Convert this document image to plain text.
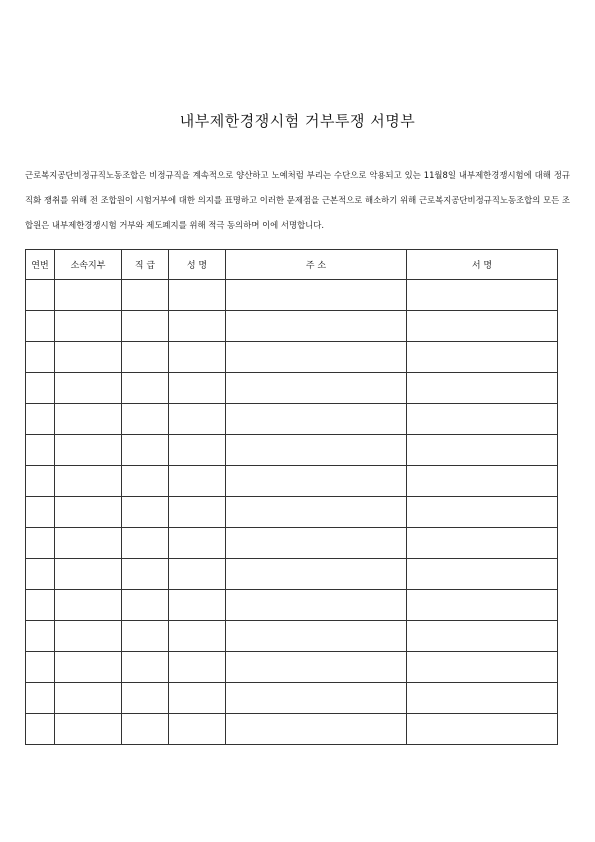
내부제한경쟁시험 거부투쟁 서명부
근로복지공단비정규직노동조합은 비정규직을 계속적으로 양산하고 노예처럼 부리는 수단으로 악용되고 있는 11월8일 내부제한경쟁시험에 대해 정규직화 쟁취를 위해 전 조합원이 시험거부에 대한 의지를 표명하고 이러한 문제점을 근본적으로 해소하기 위해 근로복지공단비정규직노동조합의 모든 조합원은 내부제한경쟁시험 거부와 제도폐지를 위해 적극 동의하며 이에 서명합니다.
연번	소속지부	직 급	성 명	주 소	서 명
